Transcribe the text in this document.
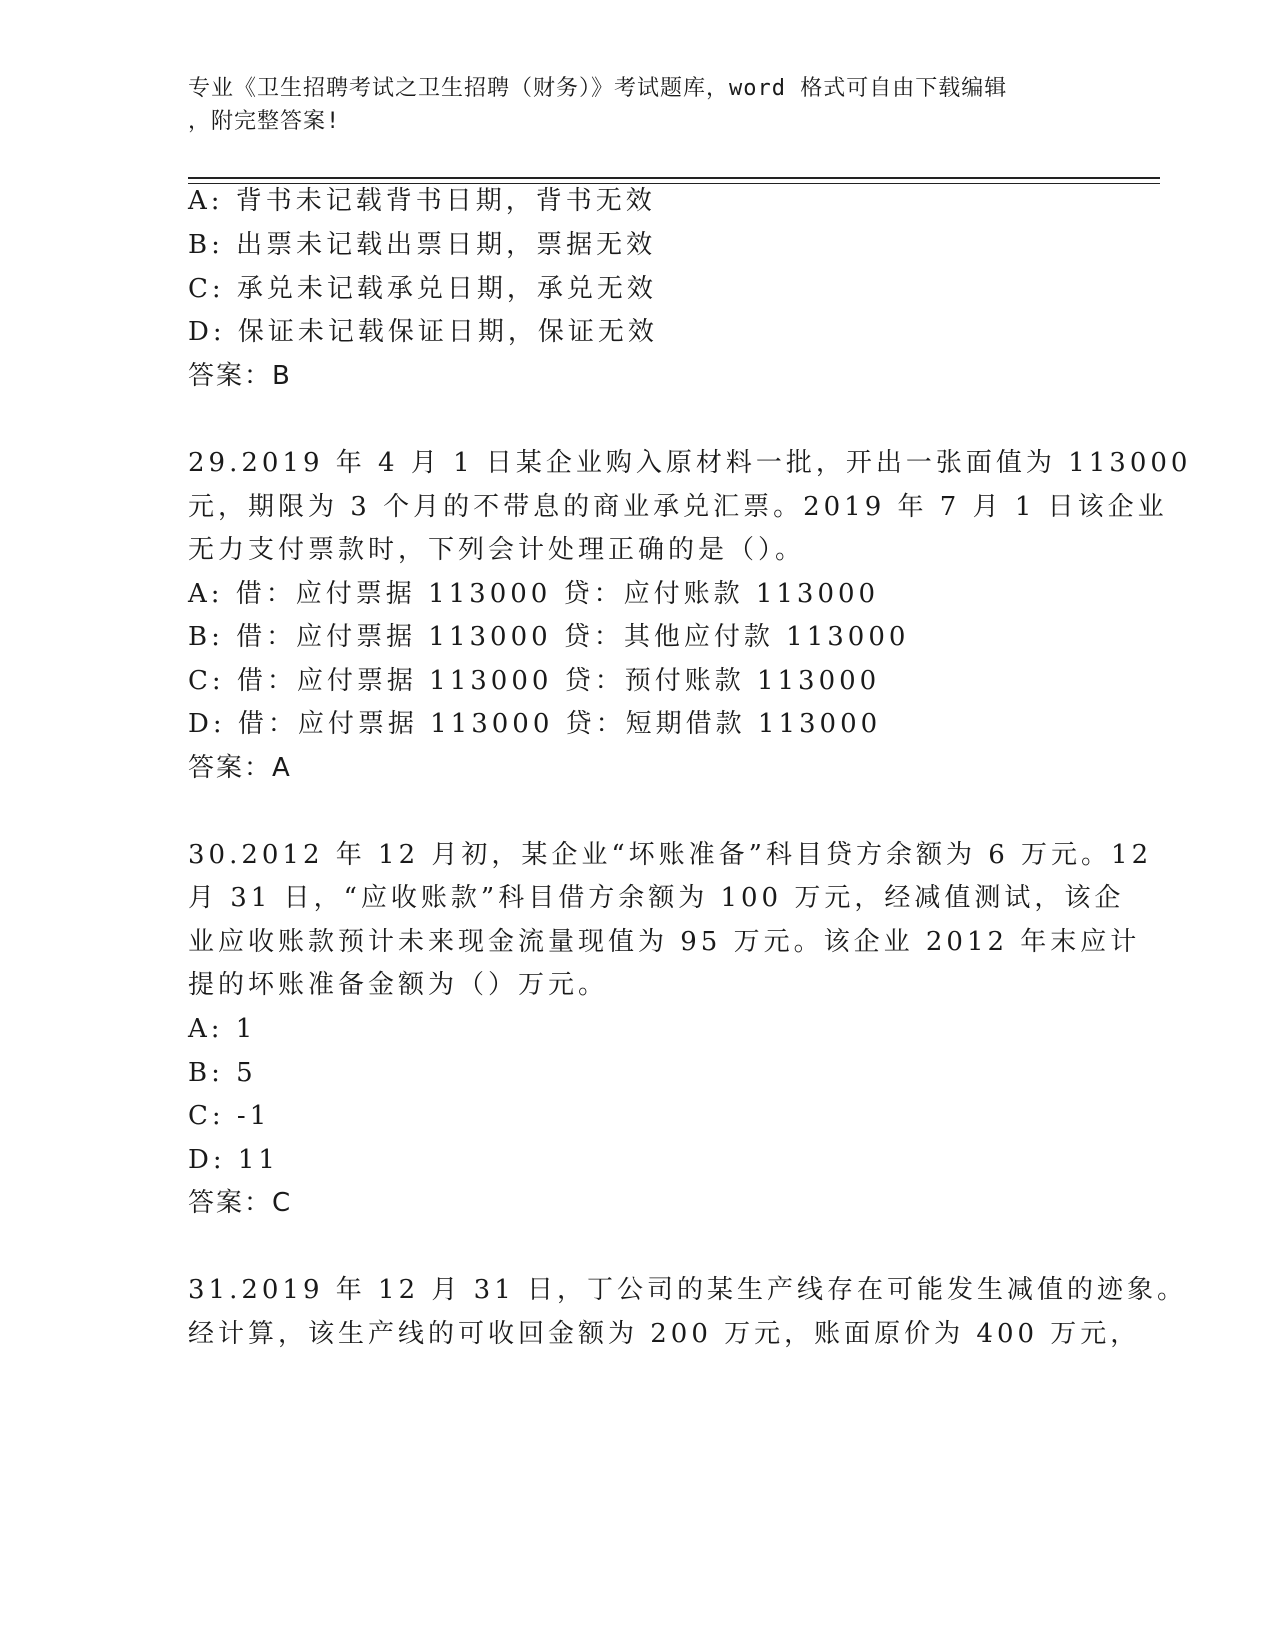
专业《卫生招聘考试之卫生招聘（财务）》考试题库，word 格式可自由下载编辑
，附完整答案!
A: 背书未记载背书日期，背书无效
B: 出票未记载出票日期，票据无效
C: 承兑未记载承兑日期，承兑无效
D: 保证未记载保证日期，保证无效
答案：B
29.2019 年 4 月 1 日某企业购入原材料一批，开出一张面值为 113000
元，期限为 3 个月的不带息的商业承兑汇票。2019 年 7 月 1 日该企业
无力支付票款时，下列会计处理正确的是（）。
A: 借：应付票据 113000 贷：应付账款 113000
B: 借：应付票据 113000 贷：其他应付款 113000
C: 借：应付票据 113000 贷：预付账款 113000
D: 借：应付票据 113000 贷：短期借款 113000
答案：A
30.2012 年 12 月初，某企业“坏账准备”科目贷方余额为 6 万元。12
月 31 日，“应收账款”科目借方余额为 100 万元，经减值测试，该企
业应收账款预计未来现金流量现值为 95 万元。该企业 2012 年末应计
提的坏账准备金额为（）万元。
A: 1
B: 5
C: -1
D: 11
答案：C
31.2019 年 12 月 31 日，丁公司的某生产线存在可能发生减值的迹象。
经计算，该生产线的可收回金额为 200 万元，账面原价为 400 万元，
